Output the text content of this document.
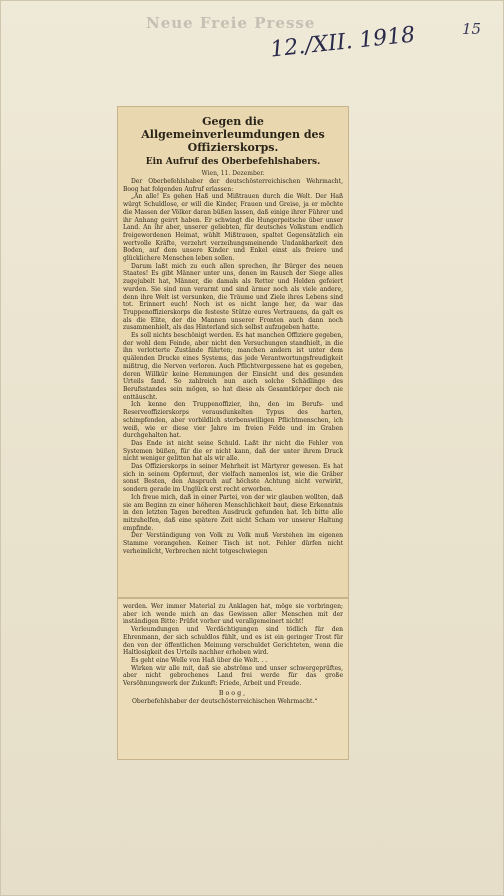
Neue Freie Presse
12./XII. 1918	15
Gegen die Allgemeinverleumdungen des Offizierskorps.
Ein Aufruf des Oberbefehlshabers.
Wien, 11. Dezember.
Der Oberbefehlshaber der deutschösterreichischen Wehrmacht, Boog hat folgenden Aufruf erlassen:
„An alle! Es gehen Haß und Mißtrauen durch die Welt. Der Haß würgt Schuldlose, er will die Kinder, Frauen und Greise, ja er möchte die Massen der Völker daran büßen lassen, daß einige ihrer Führer und ihr Anhang geirrt haben. Er schwingt die Hungerpeitsche über unser Land. An ihr aber, unserer geliebten, für deutsches Volkstum endlich freigewordenen Heimat, wühlt Mißtrauen, spaltet Gegensätzlich ein wertvolle Kräfte, verzehrt verzeihungsmeinende Undankbarkeit den Boden, auf dem unsere Kinder und Enkel einst als freiere und glücklichere Menschen leben sollen.
Darum laßt mich zu euch allen sprechen, ihr Bürger des neuen Staates! Es gibt Männer unter uns, denen im Rausch der Siege alles zugejubelt hat, Männer, die damals als Retter und Helden gefeiert wurden. Sie sind nun verarmt und sind ärmer noch als viele andere, denn ihre Welt ist versunken, die Träume und Ziele ihres Lebens sind tot. Erinnert euch! Noch ist es nicht lange her, da war das Truppenoffizierskorps die festeste Stütze eures Vertrauens, da galt es als die Elite, der die Mannen unserer Fronten auch dann noch zusammenhielt, als das Hinterland sich selbst aufzugeben hatte.
Es soll nichts beschönigt werden. Es hat manchen Offiziere gegeben, der wohl dem Feinde, aber nicht den Versuchungen standhielt, in die ihn verlotterte Zustände führten; manchen andern ist unter dem quälenden Drucke eines Systems, das jede Verantwortungsfreudigkeit mißtrug, die Nerven verloren. Auch Pflichtvergessene hat es gegeben, deren Willkür keine Hemmungen der Einsicht und des gesunden Urteils fand. So zahlreich nun auch solche Schädlinge des Berufsstandes sein mögen, so hat diese als Gesamtkörper doch nie enttäuscht.
Ich kenne den Truppenoffizier, ihn, den im Berufs- und Reserveoffizierskorps verausdunkelten Typus des harten, schimpfenden, aber vorbildlich sterbenswilligen Pflichtmenschen, ich weiß, wie er diese vier Jahre im freien Felde und im Graben durchgehalten hat.
Das Ende ist nicht seine Schuld. Laßt ihr nicht die Fehler von Systemen büßen, für die er nicht kann, daß der unter ihrem Druck nicht weniger gelitten hat als wir alle.
Das Offizierskorps in seiner Mehrheit ist Märtyrer gewesen. Es hat sich in seinem Opfermut, der vielfach namenlos ist, wie die Gräber sonst Besten, den Anspruch auf höchste Achtung nicht verwirkt, sondern gerade im Unglück erst recht erworben.
Ich freue mich, daß in einer Partei, von der wir glauben wollten, daß sie am Beginn zu einer höheren Menschlichkeit baut, diese Erkenntnis in den letzten Tagen beredten Ausdruck gefunden hat. Ich bitte alle mitzuhelfen, daß eine spätere Zeit nicht Scham vor unserer Haltung empfinde.
Der Verständigung von Volk zu Volk muß Verstehen im eigenen Stamme vorangehen. Keiner Tisch ist not. Fehler dürfen nicht verheimlicht, Verbrechen nicht totgeschwiegen
werden. Wer immer Material zu Anklagen hat, möge sie vorbringen; aber ich wende mich an das Gewissen aller Menschen mit der inständigen Bitte: Prüfet vorher und verallgemeinert nicht!
Verleumdungen und Verdächtigungen sind tödlich für den Ehrenmann, der sich schuldlos fühlt, und es ist ein geringer Trost für den von der öffentlichen Meinung verschuldet Gerichteten, wenn die Haltlosigkeit des Urteils nachher erhoben wird.
Es geht eine Welle von Haß über die Welt. . .
Wirken wir alle mit, daß sie abströme und unser schwergeprüftes, aber nicht gebrochenes Land frei werde für das große Versöhnungswerk der Zukunft: Friede, Arbeit und Freude.
Boog,
Oberbefehlshaber der deutschösterreichischen Wehrmacht.“
